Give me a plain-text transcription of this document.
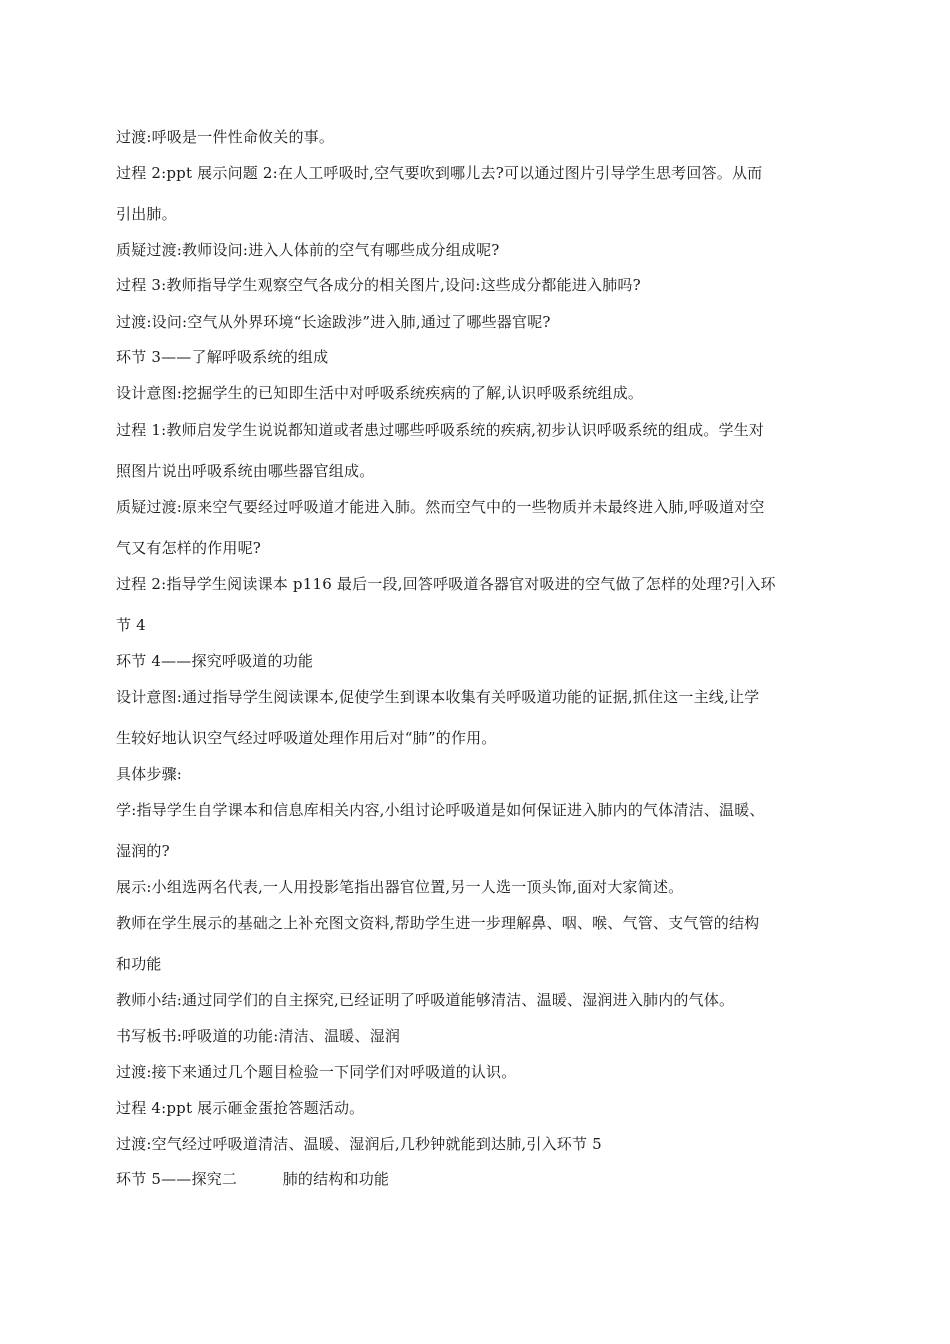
过渡:呼吸是一件性命攸关的事。
过程 2:ppt 展示问题 2:在人工呼吸时,空气要吹到哪儿去?可以通过图片引导学生思考回答。从而
引出肺。
质疑过渡:教师设问:进入人体前的空气有哪些成分组成呢?
过程 3:教师指导学生观察空气各成分的相关图片,设问:这些成分都能进入肺吗?
过渡:设问:空气从外界环境“长途跋涉”进入肺,通过了哪些器官呢?
环节 3——了解呼吸系统的组成
设计意图:挖掘学生的已知即生活中对呼吸系统疾病的了解,认识呼吸系统组成。
过程 1:教师启发学生说说都知道或者患过哪些呼吸系统的疾病,初步认识呼吸系统的组成。学生对
照图片说出呼吸系统由哪些器官组成。
质疑过渡:原来空气要经过呼吸道才能进入肺。然而空气中的一些物质并未最终进入肺,呼吸道对空
气又有怎样的作用呢?
过程 2:指导学生阅读课本 p116 最后一段,回答呼吸道各器官对吸进的空气做了怎样的处理?引入环
节 4
环节 4——探究呼吸道的功能
设计意图:通过指导学生阅读课本,促使学生到课本收集有关呼吸道功能的证据,抓住这一主线,让学
生较好地认识空气经过呼吸道处理作用后对“肺”的作用。
具体步骤:
学:指导学生自学课本和信息库相关内容,小组讨论呼吸道是如何保证进入肺内的气体清洁、温暖、
湿润的?
展示:小组选两名代表,一人用投影笔指出器官位置,另一人选一顶头饰,面对大家简述。
教师在学生展示的基础之上补充图文资料,帮助学生进一步理解鼻、咽、喉、气管、支气管的结构
和功能
教师小结:通过同学们的自主探究,已经证明了呼吸道能够清洁、温暖、湿润进入肺内的气体。
书写板书:呼吸道的功能:清洁、温暖、湿润
过渡:接下来通过几个题目检验一下同学们对呼吸道的认识。
过程 4:ppt 展示砸金蛋抢答题活动。
过渡:空气经过呼吸道清洁、温暖、湿润后,几秒钟就能到达肺,引入环节 5
环节 5——探究二　　　肺的结构和功能
